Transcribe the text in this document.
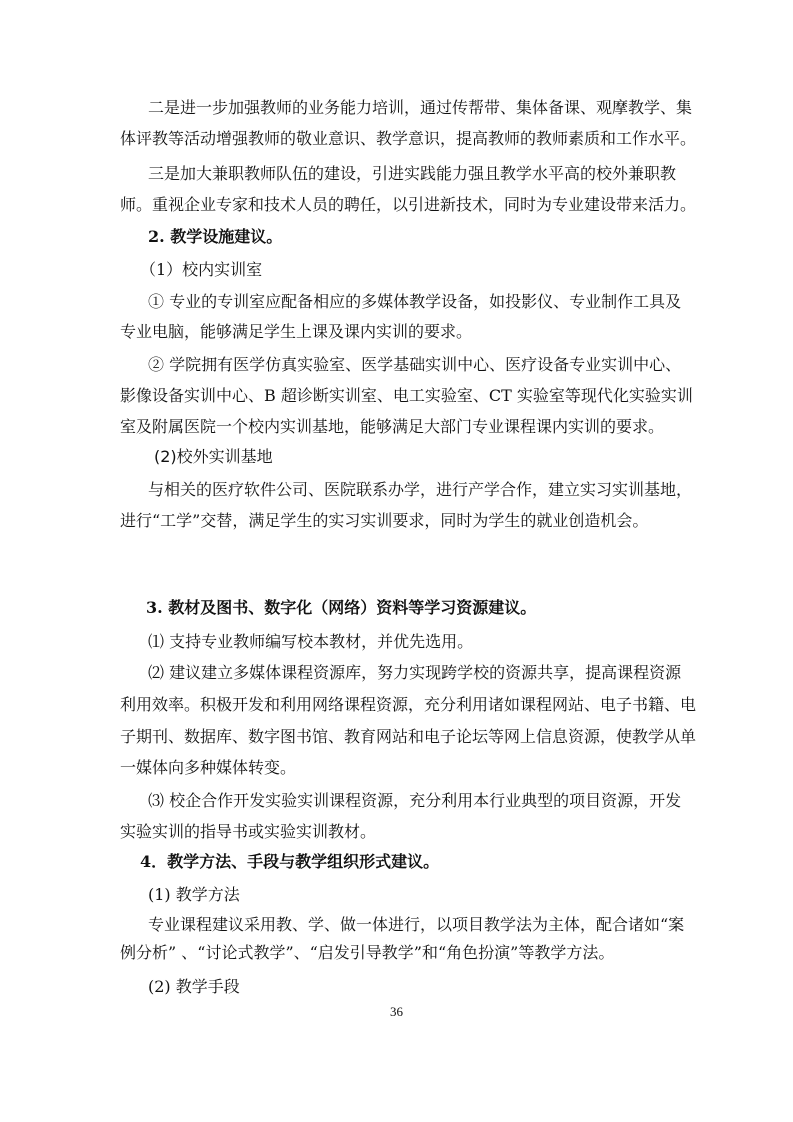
二是进一步加强教师的业务能力培训，通过传帮带、集体备课、观摩教学、集
体评教等活动增强教师的敬业意识、教学意识，提高教师的教师素质和工作水平。
三是加大兼职教师队伍的建设，引进实践能力强且教学水平高的校外兼职教
师。重视企业专家和技术人员的聘任，以引进新技术，同时为专业建设带来活力。
2. 教学设施建议。
（1）校内实训室
① 专业的专训室应配备相应的多媒体教学设备，如投影仪、专业制作工具及
专业电脑，能够满足学生上课及课内实训的要求。
② 学院拥有医学仿真实验室、医学基础实训中心、医疗设备专业实训中心、
影像设备实训中心、B 超诊断实训室、电工实验室、CT 实验室等现代化实验实训
室及附属医院一个校内实训基地，能够满足大部门专业课程课内实训的要求。
(2)校外实训基地
与相关的医疗软件公司、医院联系办学，进行产学合作，建立实习实训基地，
进行“工学”交替，满足学生的实习实训要求，同时为学生的就业创造机会。
3. 教材及图书、数字化（网络）资料等学习资源建议。
⑴ 支持专业教师编写校本教材，并优先选用。
⑵ 建议建立多媒体课程资源库，努力实现跨学校的资源共享，提高课程资源
利用效率。积极开发和利用网络课程资源，充分利用诸如课程网站、电子书籍、电
子期刊、数据库、数字图书馆、教育网站和电子论坛等网上信息资源，使教学从单
一媒体向多种媒体转变。
⑶ 校企合作开发实验实训课程资源，充分利用本行业典型的项目资源，开发
实验实训的指导书或实验实训教材。
4．教学方法、手段与教学组织形式建议。
(1) 教学方法
专业课程建议采用教、学、做一体进行，以项目教学法为主体，配合诸如“案
例分析” 、“讨论式教学”、“启发引导教学”和“角色扮演”等教学方法。
(2) 教学手段
36
